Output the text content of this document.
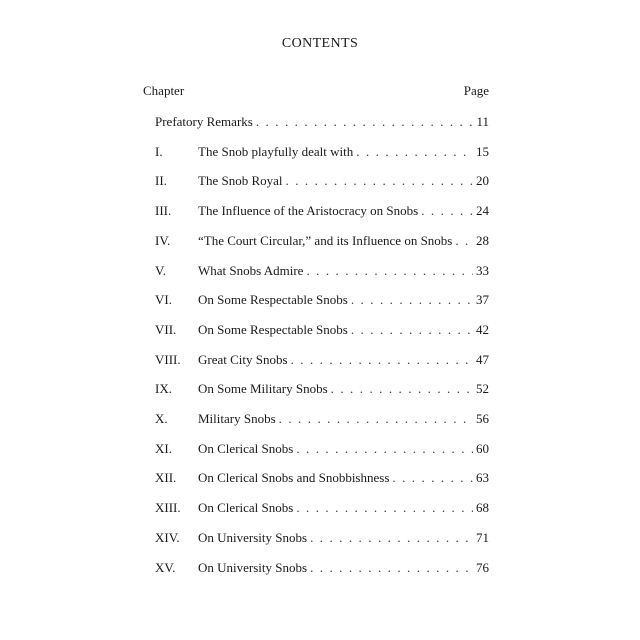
CONTENTS
Chapter	Page
Prefatory Remarks . . .	11
I.	The Snob playfully dealt with . . .	15
II.	The Snob Royal . . .	20
III.	The Influence of the Aristocracy on Snobs . . .	24
IV.	“The Court Circular,” and its Influence on Snobs . . . 28
V.	What Snobs Admire . . .	33
VI.	On Some Respectable Snobs . . .	37
VII.	On Some Respectable Snobs . . .	42
VIII.	Great City Snobs . . .	47
IX.	On Some Military Snobs . . .	52
X.	Military Snobs . . .	56
XI.	On Clerical Snobs . . .	60
XII.	On Clerical Snobs and Snobbishness . . .	63
XIII.	On Clerical Snobs . . .	68
XIV.	On University Snobs . . .	71
XV.	On University Snobs . . .	76
